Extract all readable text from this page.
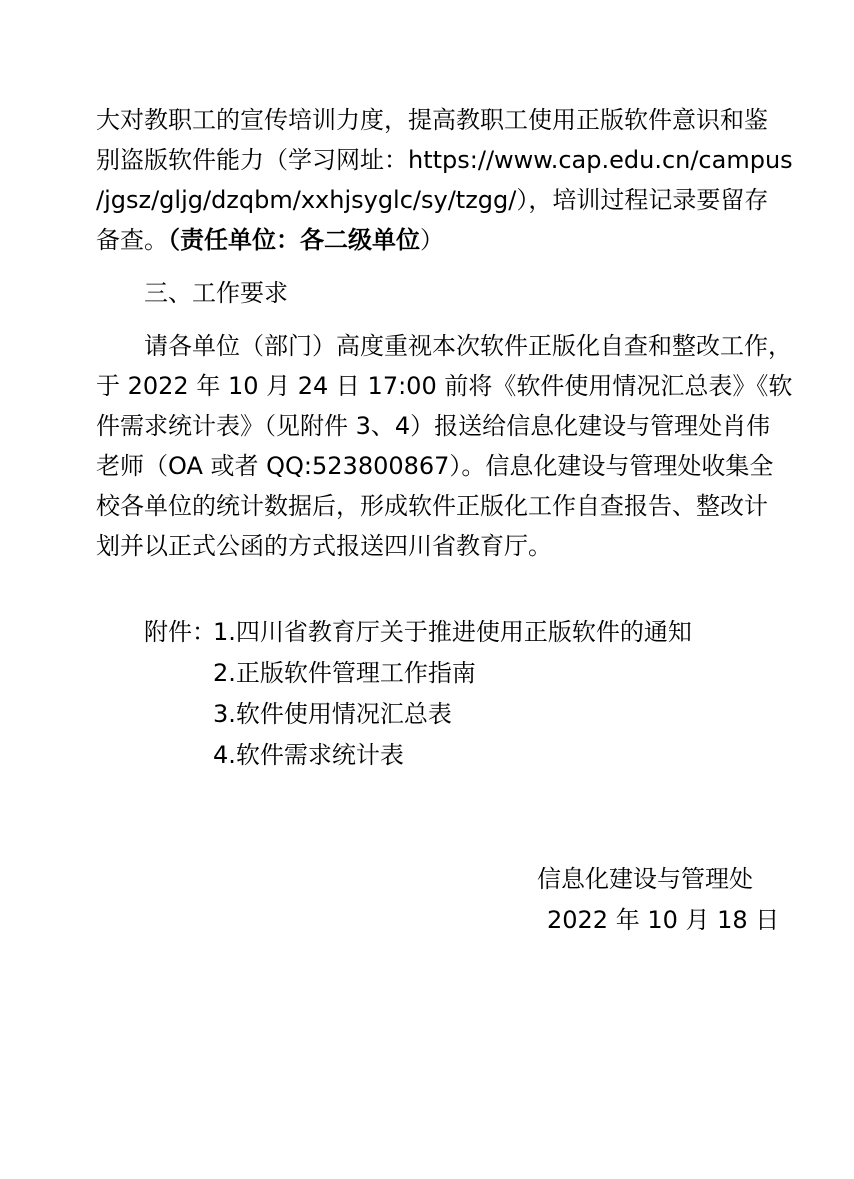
大对教职工的宣传培训力度，提高教职工使用正版软件意识和鉴
别盗版软件能力（学习网址：https://www.cap.edu.cn/campus
/jgsz/gljg/dzqbm/xxhjsyglc/sy/tzgg/），培训过程记录要留存
备查。（责任单位：各二级单位）
三、工作要求
请各单位（部门）高度重视本次软件正版化自查和整改工作，
于 2022 年 10 月 24 日 17:00 前将《软件使用情况汇总表》《软
件需求统计表》（见附件 3、4）报送给信息化建设与管理处肖伟
老师（OA 或者 QQ:523800867）。信息化建设与管理处收集全
校各单位的统计数据后，形成软件正版化工作自查报告、整改计
划并以正式公函的方式报送四川省教育厅。
附件：
1.四川省教育厅关于推进使用正版软件的通知
2.正版软件管理工作指南
3.软件使用情况汇总表
4.软件需求统计表
信息化建设与管理处
2022 年 10 月 18 日
